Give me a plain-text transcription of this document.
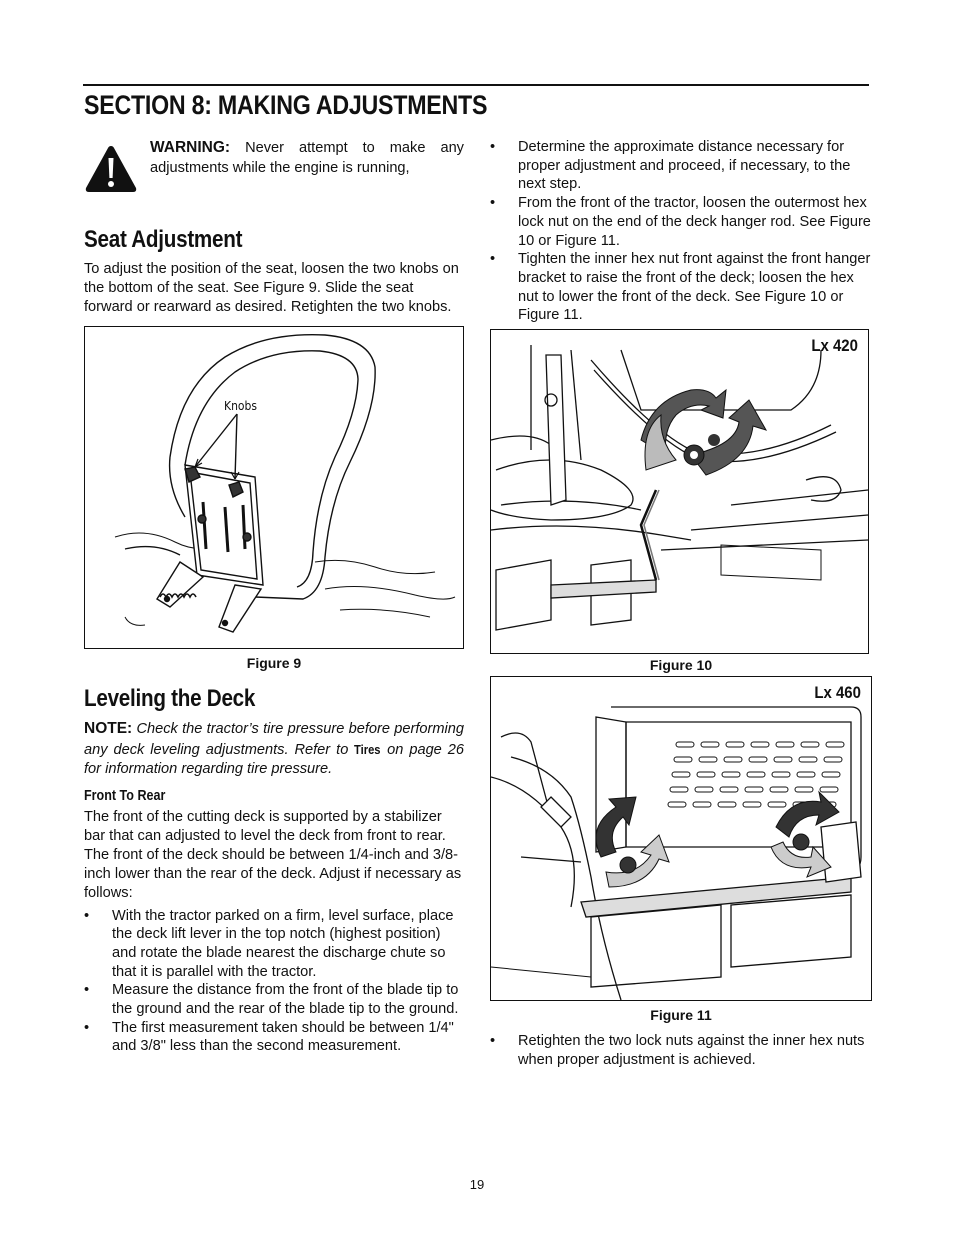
SECTION 8: MAKING ADJUSTMENTS
WARNING: Never attempt to make any adjustments while the engine is running,
Seat Adjustment

To adjust the position of the seat, loosen the two knobs on the bottom of the seat. See Figure 9. Slide the seat forward or rearward as desired. Retighten the two knobs.

Knobs
Figure 9
Leveling the Deck

NOTE: Check the tractor’s tire pressure before performing any deck leveling adjustments. Refer to Tires on page 26 for information regarding tire pressure.

Front To Rear

The front of the cutting deck is supported by a stabilizer bar that can adjusted to level the deck from front to rear. The front of the deck should be between 1/4-inch and 3/8-inch lower than the rear of the deck. Adjust if necessary as follows:

• With the tractor parked on a firm, level surface, place the deck lift lever in the top notch (highest position) and rotate the blade nearest the discharge chute so that it is parallel with the tractor.
• Measure the distance from the front of the blade tip to the ground and the rear of the blade tip to the ground.
• The first measurement taken should be between 1/4" and 3/8" less than the second measurement.
• Determine the approximate distance necessary for proper adjustment and proceed, if necessary, to the next step.
• From the front of the tractor, loosen the outermost hex lock nut on the end of the deck hanger rod. See Figure 10 or Figure 11.
• Tighten the inner hex nut front against the front hanger bracket to raise the front of the deck; loosen the hex nut to lower the front of the deck. See Figure 10 or Figure 11.
Lx 420
Figure 10
Lx 460
Figure 11
• Retighten the two lock nuts against the inner hex nuts when proper adjustment is achieved.
19
